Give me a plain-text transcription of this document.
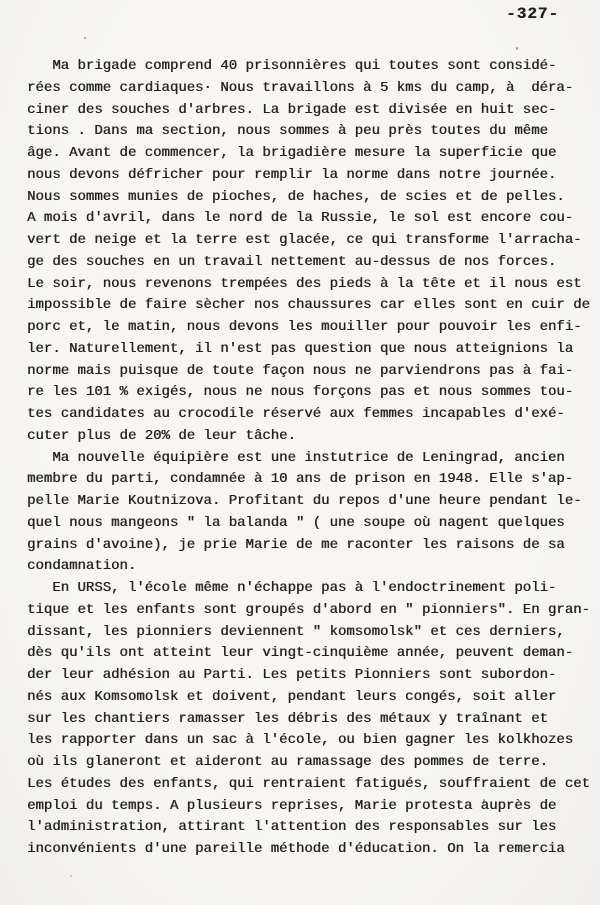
-327-
Ma brigade comprend 40 prisonnières qui toutes sont considé-
rées comme cardiaques· Nous travaillons à 5 kms du camp, à  déra-
ciner des souches d'arbres. La brigade est divisée en huit sec-
tions . Dans ma section, nous sommes à peu près toutes du même
âge. Avant de commencer, la brigadière mesure la superficie que
nous devons défricher pour remplir la norme dans notre journée.
Nous sommes munies de pioches, de haches, de scies et de pelles.
A mois d'avril, dans le nord de la Russie, le sol est encore cou-
vert de neige et la terre est glacée, ce qui transforme l'arracha-
ge des souches en un travail nettement au-dessus de nos forces.
Le soir, nous revenons trempées des pieds à la tête et il nous est
impossible de faire sècher nos chaussures car elles sont en cuir de
porc et, le matin, nous devons les mouiller pour pouvoir les enfi-
ler. Naturellement, il n'est pas question que nous atteignions la
norme mais puisque de toute façon nous ne parviendrons pas à fai-
re les 101 % exigés, nous ne nous forçons pas et nous sommes tou-
tes candidates au crocodile réservé aux femmes incapables d'exé-
cuter plus de 20% de leur tâche.
Ma nouvelle équipière est une instutrice de Leningrad, ancien
membre du parti, condamnée à 10 ans de prison en 1948. Elle s'ap-
pelle Marie Koutnizova. Profitant du repos d'une heure pendant le-
quel nous mangeons " la balanda " ( une soupe où nagent quelques
grains d'avoine), je prie Marie de me raconter les raisons de sa
condamnation.
En URSS, l'école même n'échappe pas à l'endoctrinement poli-
tique et les enfants sont groupés d'abord en " pionniers". En gran-
dissant, les pionniers deviennent " komsomolsk" et ces derniers,
dès qu'ils ont atteint leur vingt-cinquième année, peuvent deman-
der leur adhésion au Parti. Les petits Pionniers sont subordon-
nés aux Komsomolsk et doivent, pendant leurs congés, soit aller
sur les chantiers ramasser les débris des métaux y traînant et
les rapporter dans un sac à l'école, ou bien gagner les kolkhozes
où ils glaneront et aideront au ramassage des pommes de terre.
Les études des enfants, qui rentraient fatigués, souffraient de cet
emploi du temps. A plusieurs reprises, Marie protesta auprès de
l'administration, attirant l'attention des responsables sur les
inconvénients d'une pareille méthode d'éducation. On la remercia
